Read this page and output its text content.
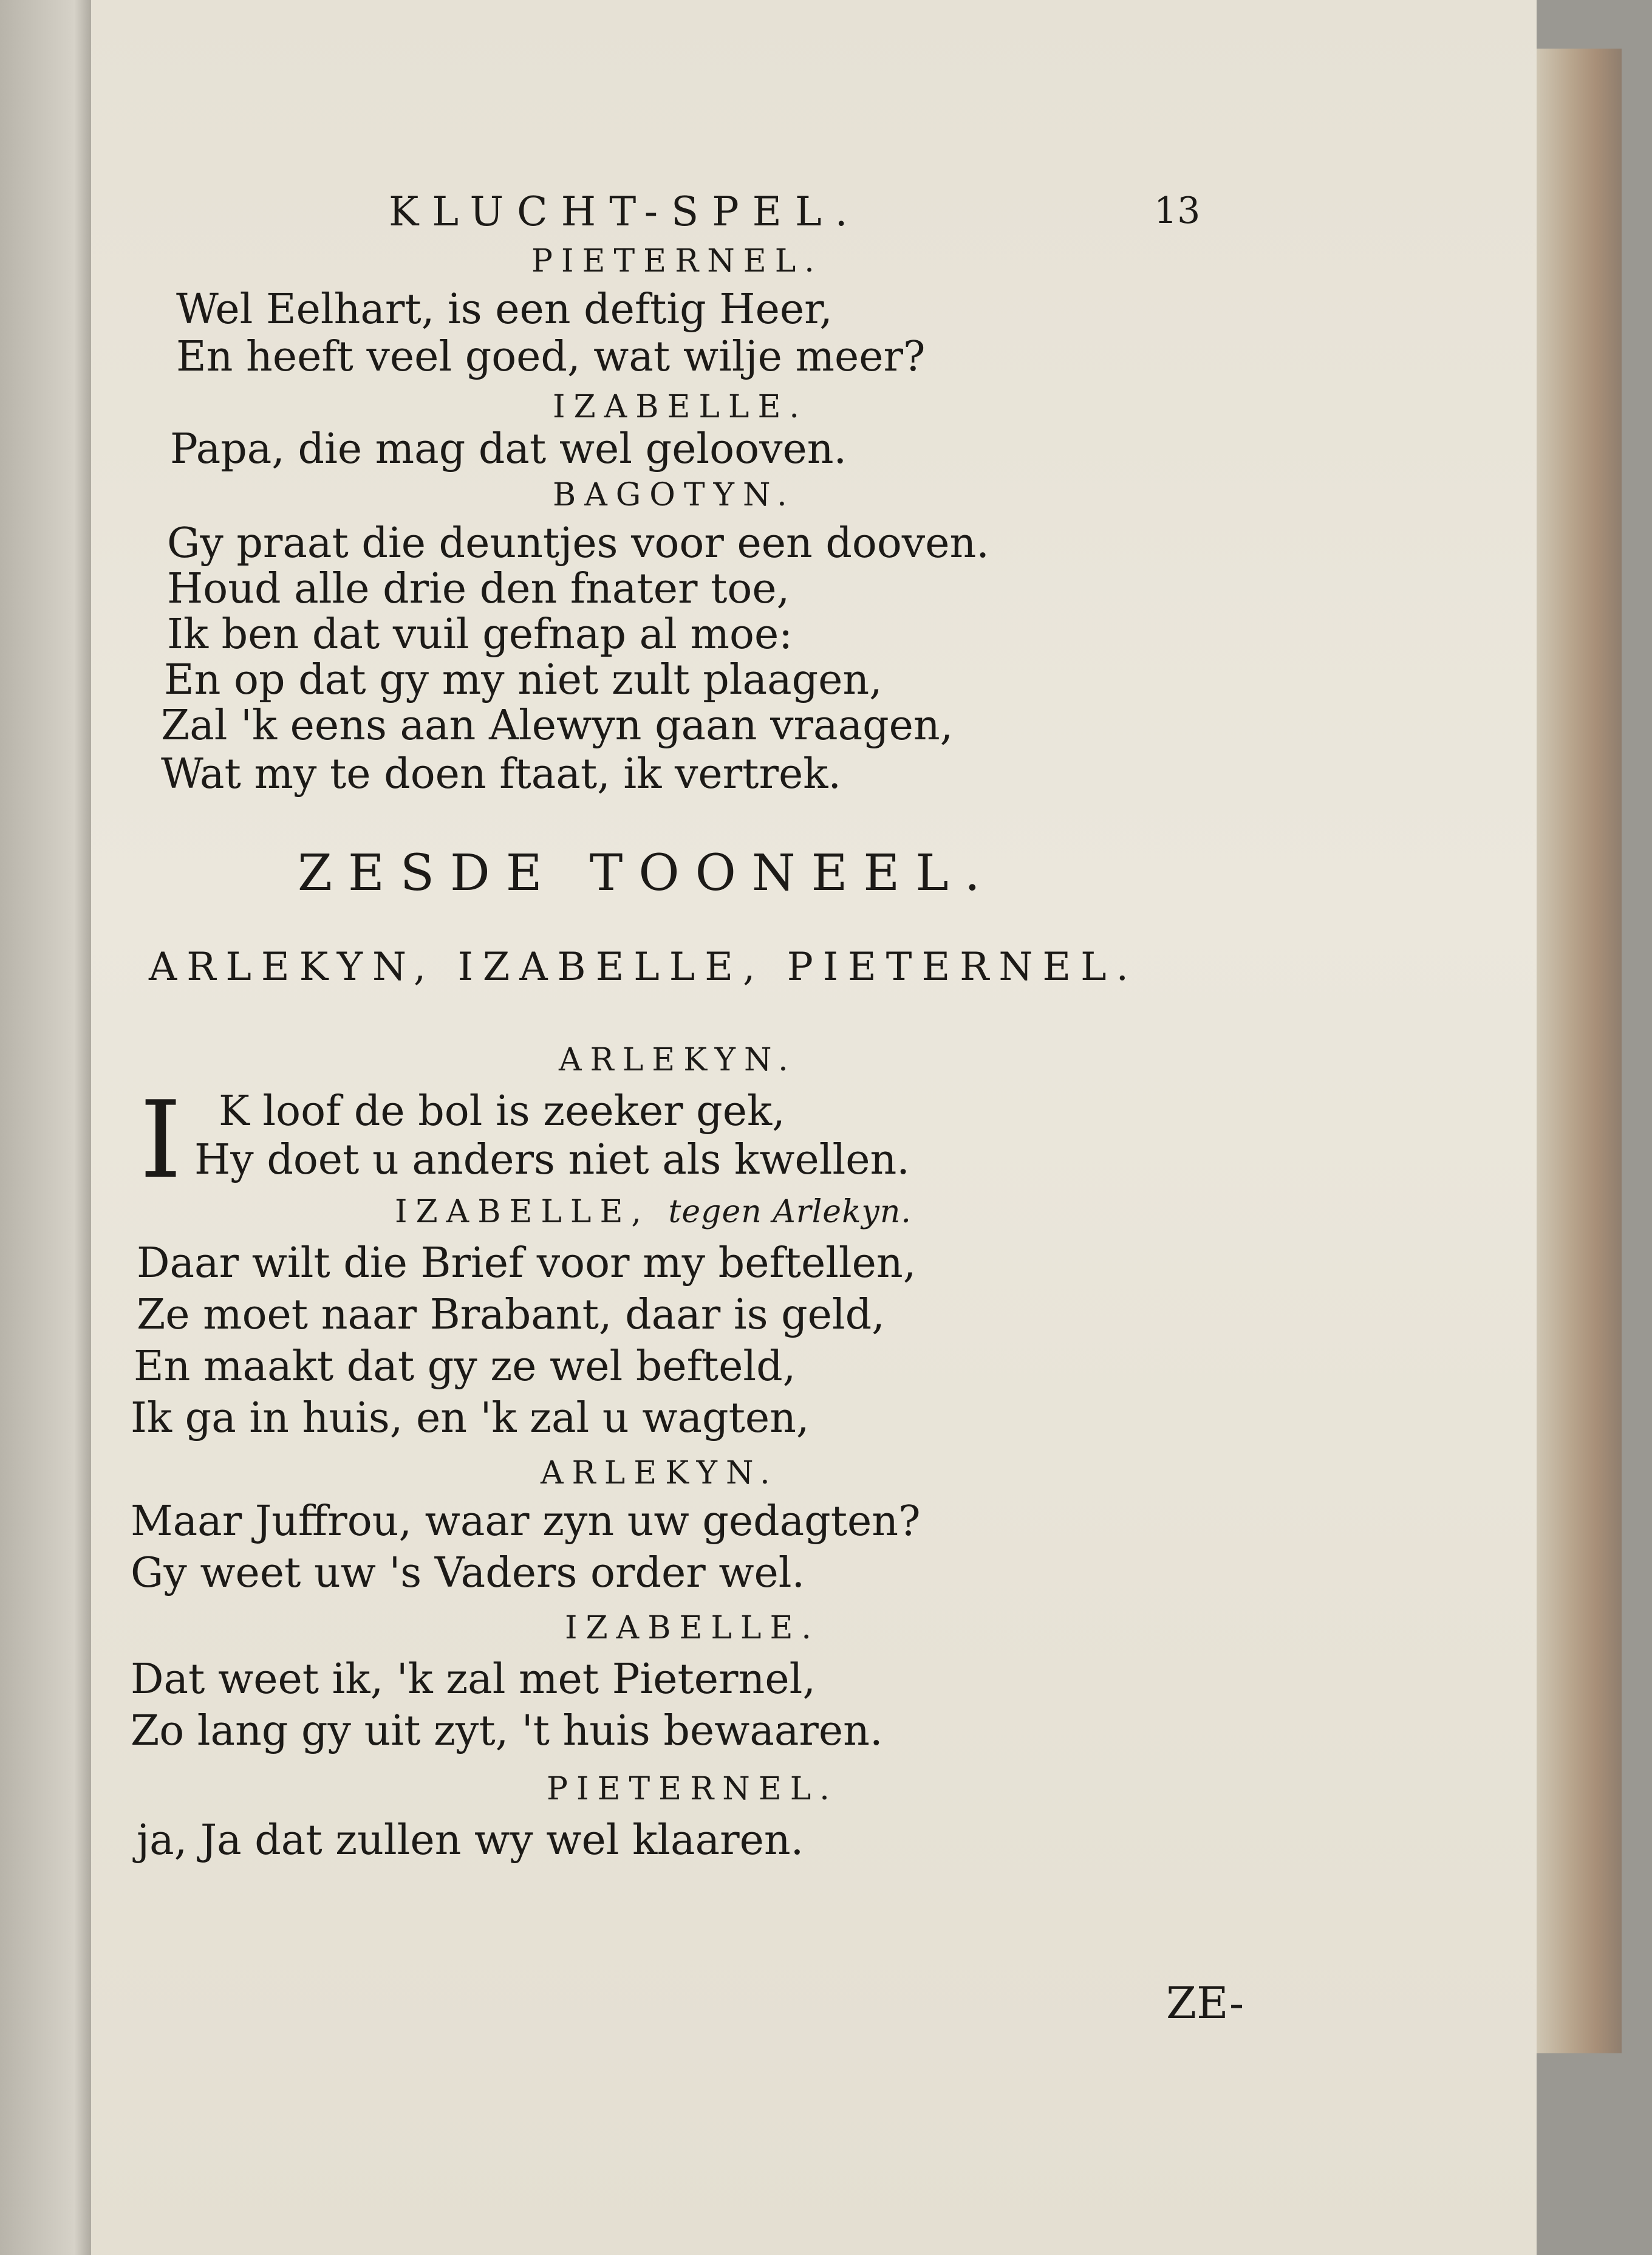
KLUCHT-SPEL.	13
PIETERNEL.
Wel Eelhart, is een deftig Heer,
En heeft veel goed, wat wilje meer?
IZABELLE.
Papa, die mag dat wel gelooven.
BAGOTYN.
Gy praat die deuntjes voor een dooven.
Houd alle drie den fnater toe,
Ik ben dat vuil gefnap al moe:
En op dat gy my niet zult plaagen,
Zal 'k eens aan Alewyn gaan vraagen,
Wat my te doen ftaat, ik vertrek.
ZESDE TOONEEL.
ARLEKYN, IZABELLE, PIETERNEL.
ARLEKYN.
I K loof de bol is zeeker gek,
Hy doet u anders niet als kwellen.
IZABELLE, tegen Arlekyn.
Daar wilt die Brief voor my beftellen,
Ze moet naar Brabant, daar is geld,
En maakt dat gy ze wel befteld,
Ik ga in huis, en 'k zal u wagten,
ARLEKYN.
Maar Juffrou, waar zyn uw gedagten?
Gy weet uw 's Vaders order wel.
IZABELLE.
Dat weet ik, 'k zal met Pieternel,
Zo lang gy uit zyt, 't huis bewaaren.
PIETERNEL.
ja, Ja dat zullen wy wel klaaren.
ZE-
